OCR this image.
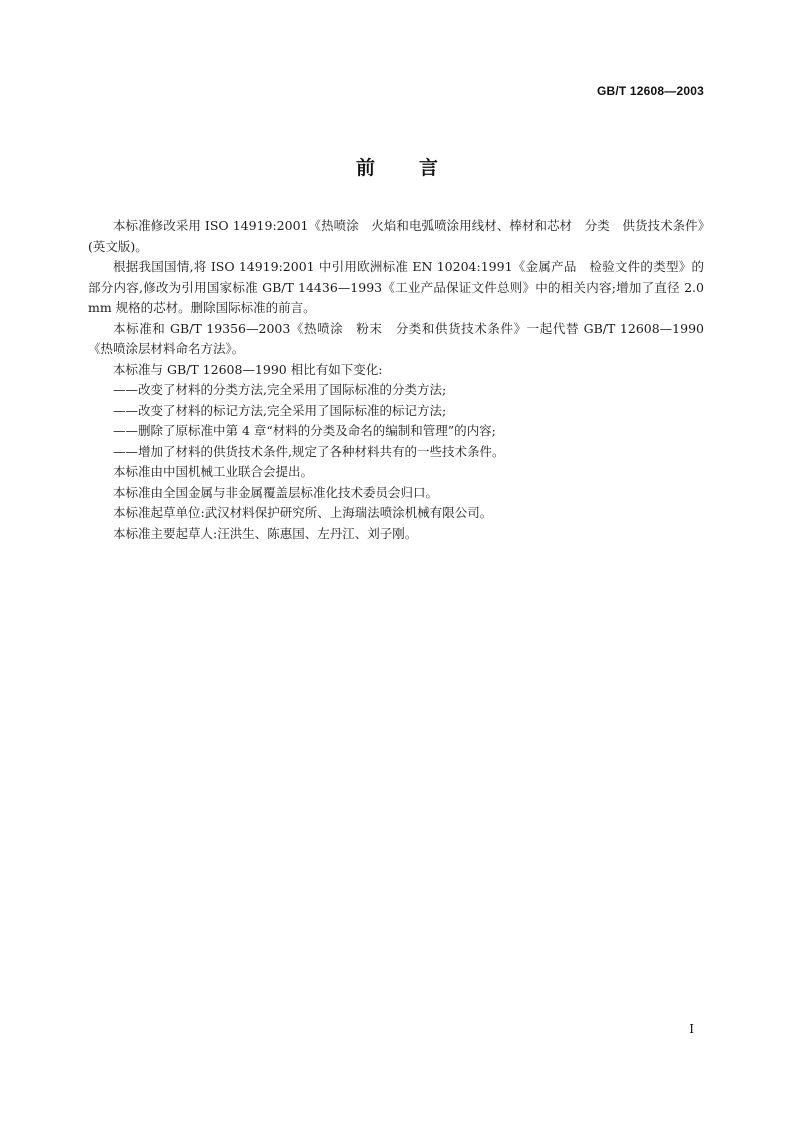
GB/T 12608—2003
前言

本标准修改采用 ISO 14919:2001《热喷涂　火焰和电弧喷涂用线材、棒材和芯材　分类　供货技术条件》(英文版)。

根据我国国情,将 ISO 14919:2001 中引用欧洲标准 EN 10204:1991《金属产品　检验文件的类型》的部分内容,修改为引用国家标准 GB/T 14436—1993《工业产品保证文件总则》中的相关内容;增加了直径 2.0 mm 规格的芯材。删除国际标准的前言。

本标准和 GB/T 19356—2003《热喷涂　粉末　分类和供货技术条件》一起代替 GB/T 12608—1990《热喷涂层材料命名方法》。

本标准与 GB/T 12608—1990 相比有如下变化:

——改变了材料的分类方法,完全采用了国际标准的分类方法;

——改变了材料的标记方法,完全采用了国际标准的标记方法;

——删除了原标准中第 4 章“材料的分类及命名的编制和管理”的内容;

——增加了材料的供货技术条件,规定了各种材料共有的一些技术条件。

本标准由中国机械工业联合会提出。

本标准由全国金属与非金属覆盖层标准化技术委员会归口。

本标准起草单位:武汉材料保护研究所、上海瑞法喷涂机械有限公司。

本标准主要起草人:汪洪生、陈惠国、左丹江、刘子刚。

I
